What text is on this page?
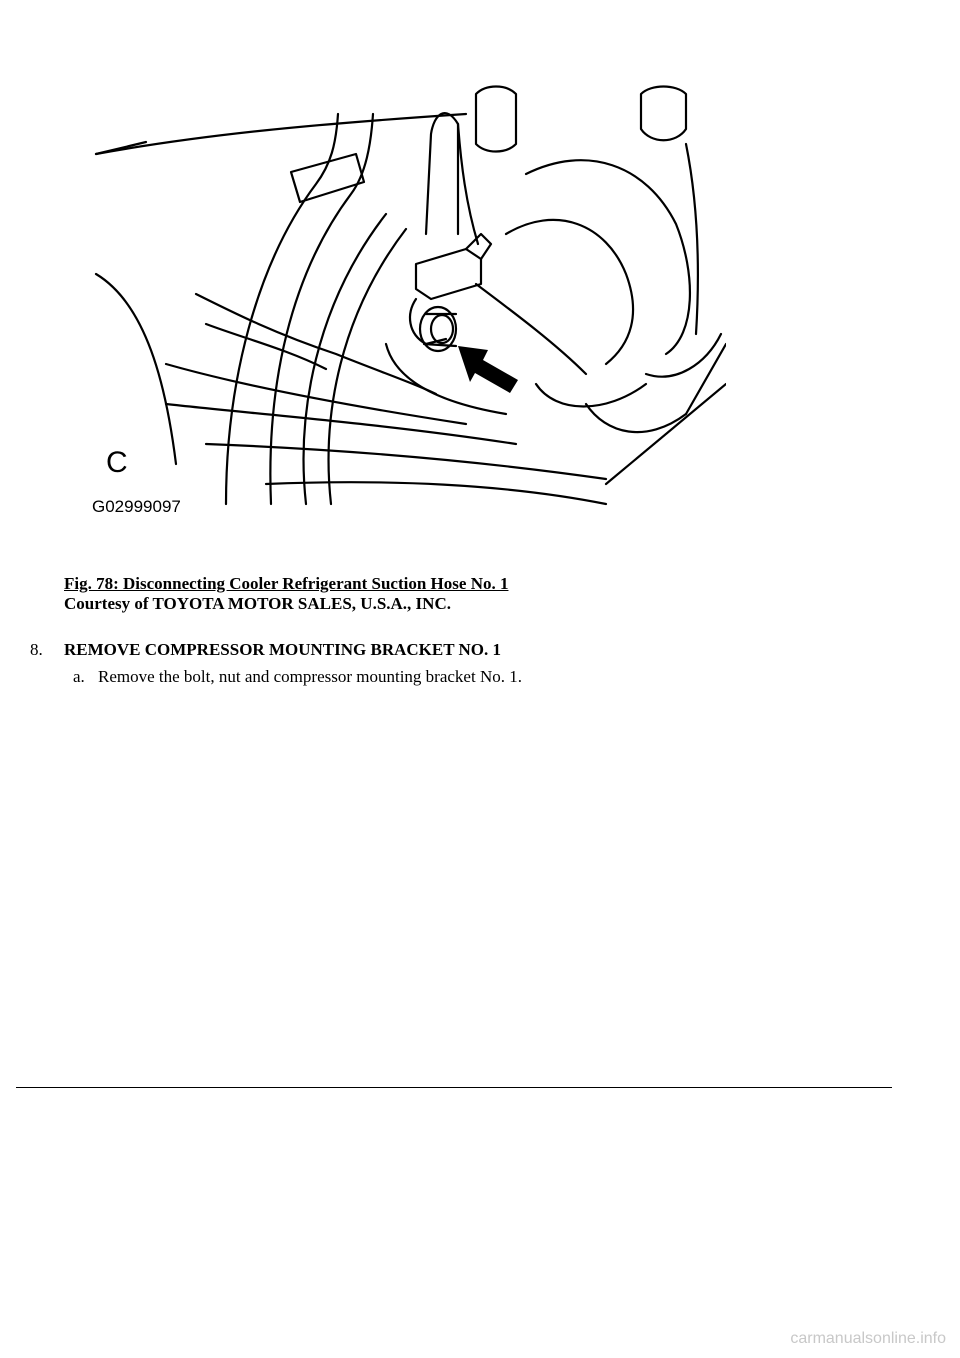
C
G02999097
Fig. 78: Disconnecting Cooler Refrigerant Suction Hose No. 1
Courtesy of TOYOTA MOTOR SALES, U.S.A., INC.
8. REMOVE COMPRESSOR MOUNTING BRACKET NO. 1
a. Remove the bolt, nut and compressor mounting bracket No. 1.
carmanualsonline.info
